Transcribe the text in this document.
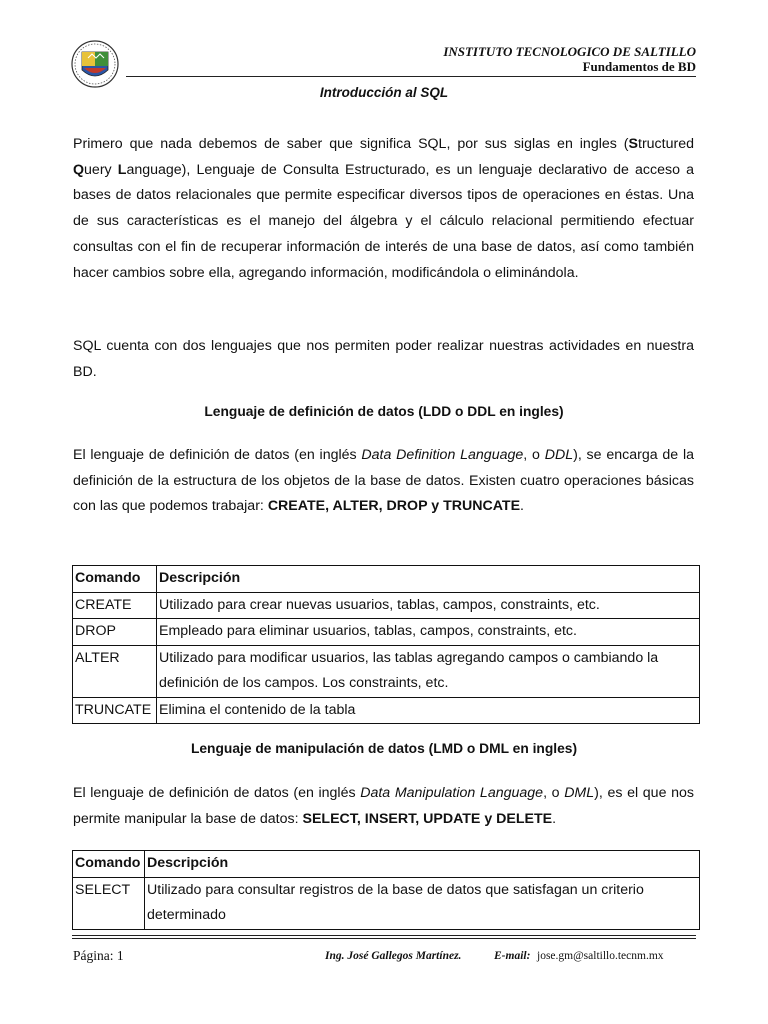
INSTITUTO TECNOLOGICO DE SALTILLO
Fundamentos de BD
Introducción al SQL

Primero que nada debemos de saber que significa SQL, por sus siglas en ingles (Structured Query Language), Lenguaje de Consulta Estructurado, es un lenguaje declarativo de acceso a bases de datos relacionales que permite especificar diversos tipos de operaciones en éstas. Una de sus características es el manejo del álgebra y el cálculo relacional permitiendo efectuar consultas con el fin de recuperar información de interés de una base de datos, así como también hacer cambios sobre ella, agregando información, modificándola o eliminándola.

SQL cuenta con dos lenguajes que nos permiten poder realizar nuestras actividades en nuestra BD.

Lenguaje de definición de datos (LDD o DDL en ingles)

El lenguaje de definición de datos (en inglés Data Definition Language, o DDL), se encarga de la definición de la estructura de los objetos de la base de datos. Existen cuatro operaciones básicas con las que podemos trabajar: CREATE, ALTER, DROP y TRUNCATE.

Comando	Descripción
CREATE	Utilizado para crear nuevas usuarios, tablas, campos, constraints, etc.
DROP	Empleado para eliminar usuarios, tablas, campos, constraints, etc.
ALTER	Utilizado para modificar usuarios, las tablas agregando campos o cambiando la definición de los campos. Los constraints, etc.
TRUNCATE	Elimina el contenido de la tabla
Lenguaje de manipulación de datos (LMD o DML en ingles)

El lenguaje de definición de datos (en inglés Data Manipulation Language, o DML), es el que nos permite manipular la base de datos: SELECT, INSERT, UPDATE y DELETE.

Comando	Descripción
SELECT	Utilizado para consultar registros de la base de datos que satisfagan un criterio determinado
Página: 1	Ing. José Gallegos Martínez.	E-mail: jose.gm@saltillo.tecnm.mx
